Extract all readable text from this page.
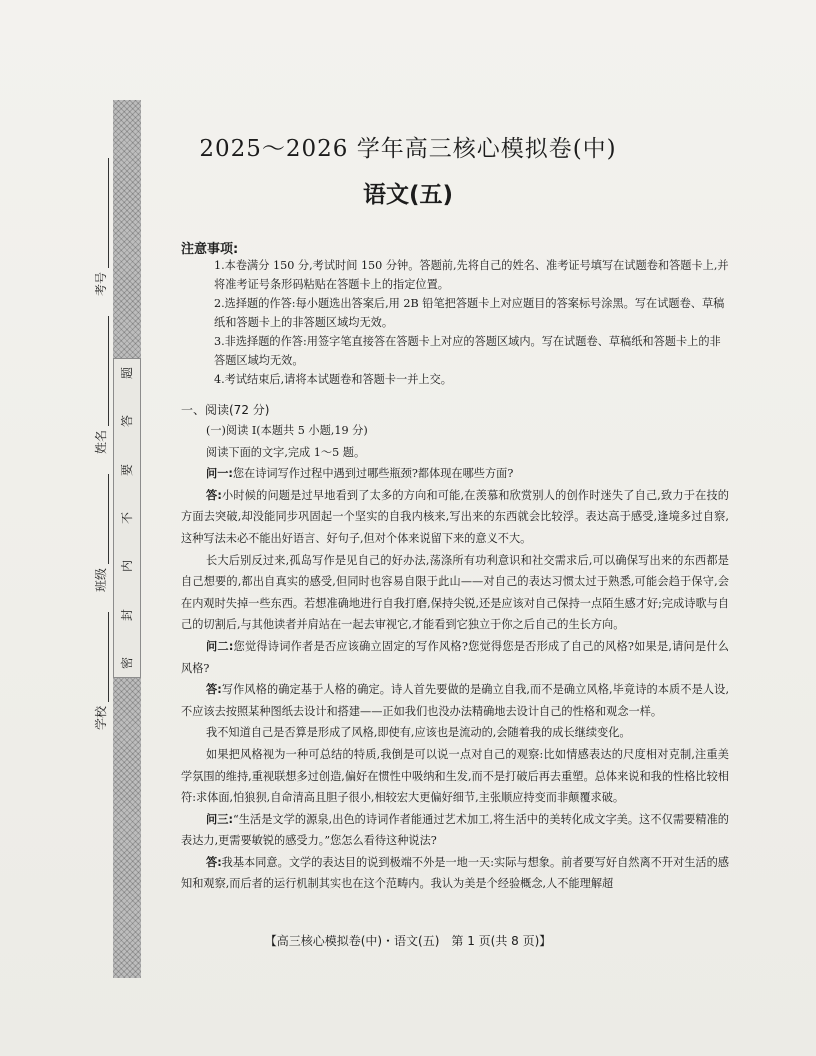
题
答
要
不
内
封
密
学校
班级
姓名
考号
2025～2026 学年高三核心模拟卷(中)
语文(五)
注意事项:

1.本卷满分 150 分,考试时间 150 分钟。答题前,先将自己的姓名、准考证号填写在试题卷和答题卡上,并将准考证号条形码粘贴在答题卡上的指定位置。

2.选择题的作答:每小题选出答案后,用 2B 铅笔把答题卡上对应题目的答案标号涂黑。写在试题卷、草稿纸和答题卡上的非答题区域均无效。

3.非选择题的作答:用签字笔直接答在答题卡上对应的答题区域内。写在试题卷、草稿纸和答题卡上的非答题区域均无效。

4.考试结束后,请将本试题卷和答题卡一并上交。

一、阅读(72 分)

(一)阅读 I(本题共 5 小题,19 分)

阅读下面的文字,完成 1～5 题。

问一:您在诗词写作过程中遇到过哪些瓶颈?都体现在哪些方面?

答:小时候的问题是过早地看到了太多的方向和可能,在羡慕和欣赏别人的创作时迷失了自己,致力于在技的方面去突破,却没能同步巩固起一个坚实的自我内核来,写出来的东西就会比较浮。表达高于感受,逢境多过自察,这种写法未必不能出好语言、好句子,但对个体来说留下来的意义不大。

长大后别反过来,孤岛写作是见自己的好办法,荡涤所有功利意识和社交需求后,可以确保写出来的东西都是自己想要的,都出自真实的感受,但同时也容易自限于此山——对自己的表达习惯太过于熟悉,可能会趋于保守,会在内观时失掉一些东西。若想准确地进行自我打磨,保持尖锐,还是应该对自己保持一点陌生感才好;完成诗歌与自己的切割后,与其他读者并肩站在一起去审视它,才能看到它独立于你之后自己的生长方向。

问二:您觉得诗词作者是否应该确立固定的写作风格?您觉得您是否形成了自己的风格?如果是,请问是什么风格?

答:写作风格的确定基于人格的确定。诗人首先要做的是确立自我,而不是确立风格,毕竟诗的本质不是人设,不应该去按照某种图纸去设计和搭建——正如我们也没办法精确地去设计自己的性格和观念一样。

我不知道自己是否算是形成了风格,即使有,应该也是流动的,会随着我的成长继续变化。

如果把风格视为一种可总结的特质,我倒是可以说一点对自己的观察:比如情感表达的尺度相对克制,注重美学氛围的维持,重视联想多过创造,偏好在惯性中吸纳和生发,而不是打破后再去重塑。总体来说和我的性格比较相符:求体面,怕狼狈,自命清高且胆子很小,相较宏大更偏好细节,主张顺应持变而非颠覆求破。

问三:“生活是文学的源泉,出色的诗词作者能通过艺术加工,将生活中的美转化成文字美。这不仅需要精准的表达力,更需要敏锐的感受力。”您怎么看待这种说法?

答:我基本同意。文学的表达目的说到极端不外是一地一天:实际与想象。前者要写好自然离不开对生活的感知和观察,而后者的运行机制其实也在这个范畴内。我认为美是个经验概念,人不能理解超

【高三核心模拟卷(中)・语文(五)　第 1 页(共 8 页)】
